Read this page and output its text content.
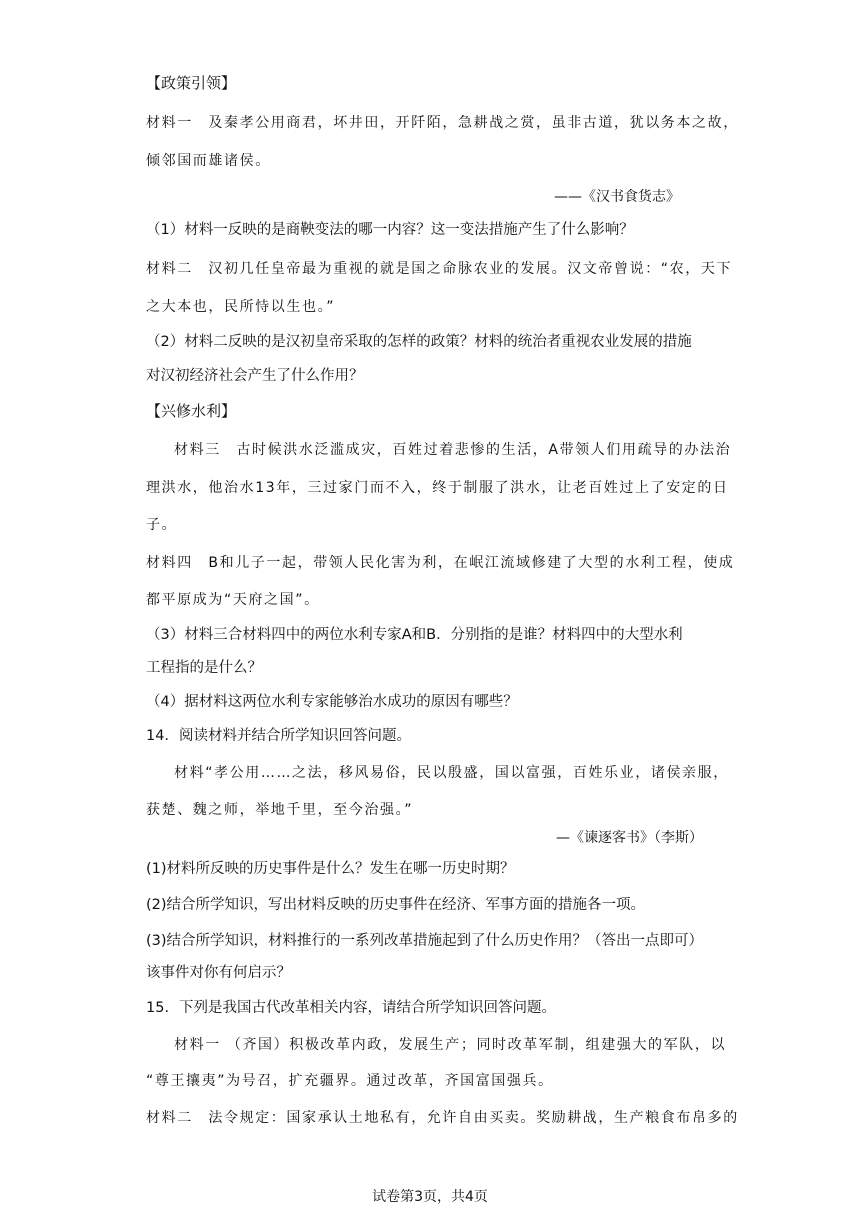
【政策引领】
材料一　及秦孝公用商君，坏井田，开阡陌，急耕战之赏，虽非古道，犹以务本之故，
倾邻国而雄诸侯。
——《汉书食货志》
（1）材料一反映的是商鞅变法的哪一内容？这一变法措施产生了什么影响？
材料二　汉初几任皇帝最为重视的就是国之命脉农业的发展。汉文帝曾说：“农，天下
之大本也，民所恃以生也。”
（2）材料二反映的是汉初皇帝采取的怎样的政策？材料的统治者重视农业发展的措施
对汉初经济社会产生了什么作用？
【兴修水利】
材料三　古时候洪水泛滥成灾，百姓过着悲惨的生活，A带领人们用疏导的办法治
理洪水，他治水13年，三过家门而不入，终于制服了洪水，让老百姓过上了安定的日
子。
材料四　B和儿子一起，带领人民化害为利，在岷江流域修建了大型的水利工程，使成
都平原成为“天府之国”。
（3）材料三合材料四中的两位水利专家A和B．分别指的是谁？材料四中的大型水利
工程指的是什么？
（4）据材料这两位水利专家能够治水成功的原因有哪些？
14．阅读材料并结合所学知识回答问题。
材料“孝公用……之法，移风易俗，民以殷盛，国以富强，百姓乐业，诸侯亲服，
获楚、魏之师，举地千里，至今治强。”
—《谏逐客书》（李斯）
(1)材料所反映的历史事件是什么？发生在哪一历史时期？
(2)结合所学知识，写出材料反映的历史事件在经济、军事方面的措施各一项。
(3)结合所学知识，材料推行的一系列改革措施起到了什么历史作用？（答出一点即可）
该事件对你有何启示？
15．下列是我国古代改革相关内容，请结合所学知识回答问题。
材料一 （齐国）积极改革内政，发展生产；同时改革军制，组建强大的军队，以
“尊王攘夷”为号召，扩充疆界。通过改革，齐国富国强兵。
材料二　法令规定：国家承认土地私有，允许自由买卖。奖励耕战，生产粮食布帛多的
试卷第3页，共4页
